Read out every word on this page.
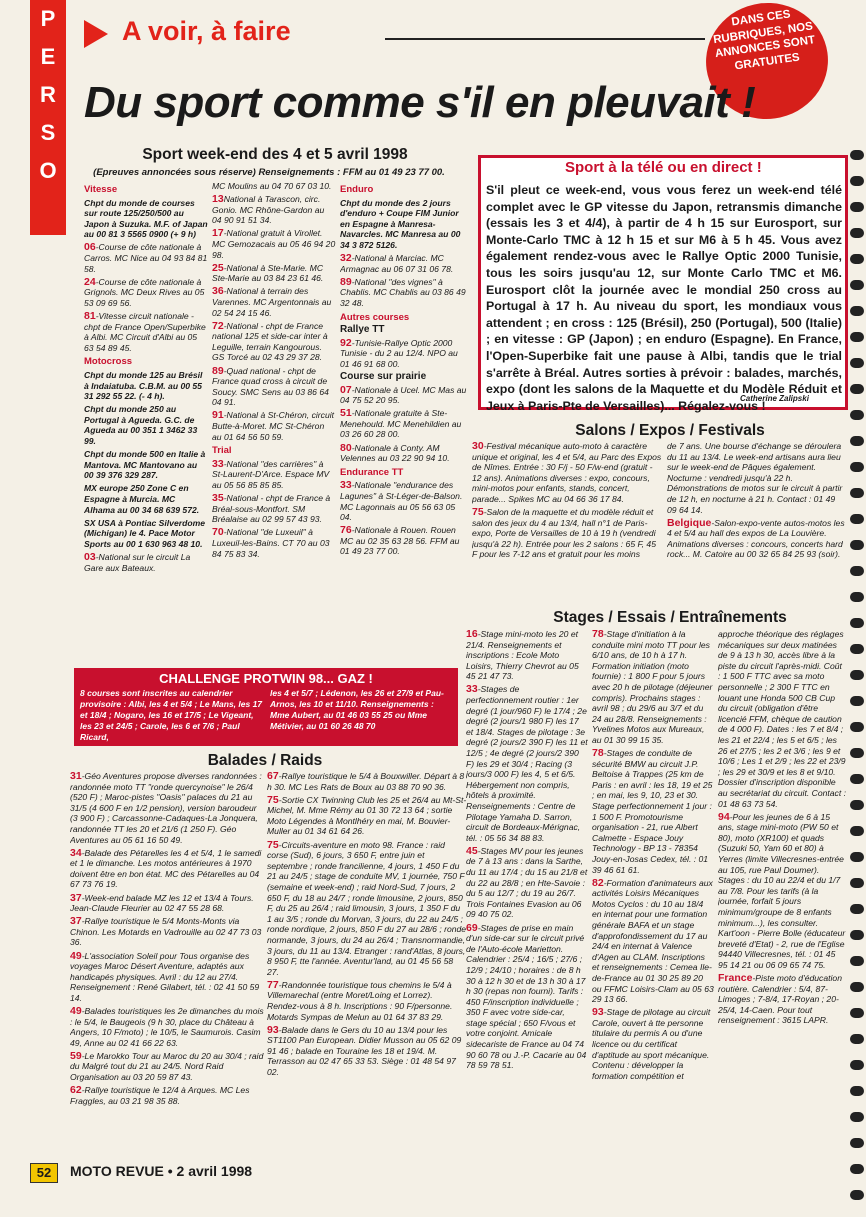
P
E
R
S
O
A voir, à faire	DANS CES RUBRIQUES, NOS ANNONCES SONT GRATUITES
Du sport comme s'il en pleuvait !
Sport week-end des 4 et 5 avril 1998
(Epreuves annoncées sous réserve) Renseignements : FFM au 01 49 23 77 00.
Vitesse

Chpt du monde de courses sur route 125/250/500 au Japon à Suzuka. M.F. of Japan au 00 81 3 5565 0900 (+ 9 h)

06-Course de côte nationale à Carros. MC Nice au 04 93 84 81 58.

24-Course de côte nationale à Grignols. MC Deux Rives au 05 53 09 69 56.

81-Vitesse circuit nationale - chpt de France Open/Superbike à Albi. MC Circuit d'Albi au 05 63 54 89 45.

Motocross

Chpt du monde 125 au Brésil à Indaiatuba. C.B.M. au 00 55 31 292 55 22. (- 4 h).

Chpt du monde 250 au Portugal à Agueda. G.C. de Agueda au 00 351 1 3462 33 99.

Chpt du monde 500 en Italie à Mantova. MC Mantovano au 00 39 376 329 287.

MX europe 250 Zone C en Espagne à Murcia. MC Alhama au 00 34 68 639 572.

SX USA à Pontiac Silverdome (Michigan) le 4. Pace Motor Sports au 00 1 630 963 48 10.

03-National sur le circuit La Gare aux Bateaux.

MC Moulins au 04 70 67 03 10.

13National à Tarascon, circ. Gonio. MC Rhône-Gardon au 04 90 91 51 34.

17-National gratuit à Virollet. MC Gemozacais au 05 46 94 20 98.

25-National à Ste-Marie. MC Ste-Marie au 03 84 23 61 46.

36-National à terrain des Varennes. MC Argentonnais au 02 54 24 15 46.

72-National - chpt de France national 125 et side-car inter à Leguille, terrain Kangourous. GS Torcé au 02 43 29 37 28.

89-Quad national - chpt de France quad cross à circuit de Soucy. SMC Sens au 03 86 64 04 91.

91-National à St-Chéron, circuit Butte-à-Moret. MC St-Chéron au 01 64 56 50 59.

Trial

33-National "des carrières" à St-Laurent-D'Arce. Espace MV au 05 56 85 85 85.

35-National - chpt de France à Bréal-sous-Montfort. SM Bréalaise au 02 99 57 43 93.

70-National "de Luxeuil" à Luxeuil-les-Bains. CT 70 au 03 84 75 83 34.

Enduro

Chpt du monde des 2 jours d'enduro + Coupe FIM Junior en Espagne à Manresa-Navarcles. MC Manresa au 00 34 3 872 5126.

32-National à Marciac. MC Armagnac au 06 07 31 06 78.

89-National "des vignes" à Chablis. MC Chablis au 03 86 49 32 48.

Autres courses
Rallye TT

92-Tunisie-Rallye Optic 2000 Tunisie - du 2 au 12/4. NPO au 01 46 91 68 00.

Course sur prairie

07-Nationale à Ucel. MC Mas au 04 75 52 20 95.

51-Nationale gratuite à Ste-Menehould. MC Menehildien au 03 26 60 28 00.

80-Nationale à Conty. AM Velennes au 03 22 90 94 10.

Endurance TT

33-Nationale "endurance des Lagunes" à St-Léger-de-Balson. MC Lagonnais au 05 56 63 05 04.

76-Nationale à Rouen. Rouen MC au 02 35 63 28 56. FFM au 01 49 23 77 00.

Sport à la télé ou en direct !
S'il pleut ce week-end, vous vous ferez un week-end télé complet avec le GP vitesse du Japon, retransmis dimanche (essais les 3 et 4/4), à partir de 4 h 15 sur Eurosport, sur Monte-Carlo TMC à 12 h 15 et sur M6 à 5 h 45. Vous avez également rendez-vous avec le Rallye Optic 2000 Tunisie, tous les soirs jusqu'au 12, sur Monte Carlo TMC et M6. Eurosport clôt la journée avec le mondial 250 cross au Portugal à 17 h. Au niveau du sport, les mondiaux vous attendent ; en cross : 125 (Brésil), 250 (Portugal), 500 (Italie) ; en vitesse : GP (Japon) ; en enduro (Espagne). En France, l'Open-Superbike fait une pause à Albi, tandis que le trial s'arrête à Bréal. Autres sorties à prévoir : balades, marchés, expo (dont les salons de la Maquette et du Modèle Réduit et Jeux à Paris-Pte de Versailles)... Régalez-vous !
Catherine Zalipski
Salons / Expos / Festivals

30-Festival mécanique auto-moto à caractère unique et original, les 4 et 5/4, au Parc des Expos de Nîmes. Entrée : 30 F/j - 50 F/w-end (gratuit - 12 ans). Animations diverses : expo, concours, mini-motos pour enfants, stands, concert, parade... Spikes MC au 04 66 36 17 84.

75-Salon de la maquette et du modèle réduit et salon des jeux du 4 au 13/4, hall n°1 de Paris-expo, Porte de Versailles de 10 à 19 h (vendredi jusqu'à 22 h). Entrée pour les 2 salons : 65 F, 45 F pour les 7-12 ans et gratuit pour les moins

de 7 ans. Une bourse d'échange se déroulera du 11 au 13/4. Le week-end artisans aura lieu sur le week-end de Pâques également. Nocturne : vendredi jusqu'à 22 h. Démonstrations de motos sur le circuit à partir de 12 h, en nocturne à 21 h. Contact : 01 49 09 64 14.

Belgique-Salon-expo-vente autos-motos les 4 et 5/4 au hall des expos de La Louvière. Animations diverses : concours, concerts hard rock... M. Catoire au 00 32 65 84 25 93 (soir).

CHALLENGE PROTWIN 98... GAZ !
8 courses sont inscrites au calendrier provisoire : Albi, les 4 et 5/4 ; Le Mans, les 17 et 18/4 ; Nogaro, les 16 et 17/5 ; Le Vigeant, les 23 et 24/5 ; Carole, les 6 et 7/6 ; Paul Ricard,
les 4 et 5/7 ; Lédenon, les 26 et 27/9 et Pau-Arnos, les 10 et 11/10. Renseignements : Mme Aubert, au 01 46 03 55 25 ou Mme Métivier, au 01 60 26 48 70
Balades / Raids

31-Géo Aventures propose diverses randonnées : randonnée moto TT "ronde quercynoise" le 26/4 (520 F) ; Maroc-pistes "Oasis" palaces du 21 au 31/5 (4 600 F en 1/2 pension), version baroudeur (3 900 F) ; Carcassonne-Cadaques-La Jonquera, randonnée TT les 20 et 21/6 (1 250 F). Géo Aventures au 05 61 16 50 49.

34-Balade des Pétarelles les 4 et 5/4, 1 le samedi et 1 le dimanche. Les motos antérieures à 1970 doivent être en bon état. MC des Pétarelles au 04 67 73 76 19.

37-Week-end balade MZ les 12 et 13/4 à Tours. Jean-Claude Fleurier au 02 47 55 28 68.

37-Rallye touristique le 5/4 Monts-Monts via Chinon. Les Motards en Vadrouille au 02 47 73 03 36.

49-L'association Soleil pour Tous organise des voyages Maroc Désert Aventure, adaptés aux handicapés physiques. Avril : du 12 au 27/4. Renseignement : René Gilabert, tél. : 02 41 50 59 14.

49-Balades touristiques les 2e dimanches du mois : le 5/4, le Baugeois (9 h 30, place du Château à Angers, 10 F/moto) ; le 10/5, le Saumurois. Casim 49, Anne au 02 41 66 22 63.

59-Le Marokko Tour au Maroc du 20 au 30/4 ; raid du Malgré tout du 21 au 24/5. Nord Raid Organisation au 03 20 59 87 43.

62-Rallye touristique le 12/4 à Arques. MC Les Fraggles, au 03 21 98 35 88.

67-Rallye touristique le 5/4 à Bouxwiller. Départ à 8 h 30. MC Les Rats de Boux au 03 88 70 90 36.

75-Sortie CX Twinning Club les 25 et 26/4 au Mt-St-Michel, M. Mme Rémy au 01 30 72 13 64 ; sortie Moto Légendes à Montlhéry en mai, M. Bouvier-Muller au 01 34 61 64 26.

75-Circuits-aventure en moto 98. France : raid corse (Sud), 6 jours, 3 650 F, entre juin et septembre ; ronde francilienne, 4 jours, 1 450 F du 21 au 24/5 ; stage de conduite MV, 1 journée, 750 F (semaine et week-end) ; raid Nord-Sud, 7 jours, 2 650 F, du 18 au 24/7 ; ronde limousine, 2 jours, 850 F, du 25 au 26/4 ; raid limousin, 3 jours, 1 350 F du 1 au 3/5 ; ronde du Morvan, 3 jours, du 22 au 24/5 ; ronde nordique, 2 jours, 850 F du 27 au 28/6 ; ronde normande, 3 jours, du 24 au 26/4 ; Transnormandie, 3 jours, du 11 au 13/4. Etranger : rand'Atlas, 8 jours, 8 950 F, tte l'année. Aventur'land, au 01 45 56 58 27.

77-Randonnée touristique tous chemins le 5/4 à Villemarechal (entre Moret/Loing et Lorrez). Rendez-vous à 8 h. Inscriptions : 90 F/personne. Motards Sympas de Melun au 01 64 37 83 29.

93-Balade dans le Gers du 10 au 13/4 pour les ST1100 Pan European. Didier Musson au 05 62 09 91 46 ; balade en Touraine les 18 et 19/4. M. Terrasson au 02 47 65 33 53. Siège : 01 48 54 97 02.

Stages / Essais / Entraînements

16-Stage mini-moto les 20 et 21/4. Renseignements et inscriptions : Ecole Moto Loisirs, Thierry Chevrot au 05 45 21 47 73.

33-Stages de perfectionnement routier : 1er degré (1 jour/960 F) le 17/4 ; 2e degré (2 jours/1 980 F) les 17 et 18/4. Stages de pilotage : 3e degré (2 jours/2 390 F) les 11 et 12/5 ; 4e degré (2 jours/2 390 F) les 29 et 30/4 ; Racing (3 jours/3 000 F) les 4, 5 et 6/5. Hébergement non compris, hôtels à proximité. Renseignements : Centre de Pilotage Yamaha D. Sarron, circuit de Bordeaux-Mérignac, tél. : 05 56 34 88 83.

45-Stages MV pour les jeunes de 7 à 13 ans : dans la Sarthe, du 11 au 17/4 ; du 15 au 21/8 et du 22 au 28/8 ; en Hte-Savoie : du 5 au 12/7 ; du 19 au 26/7. Trois Fontaines Evasion au 06 09 40 75 02.

69-Stages de prise en main d'un side-car sur le circuit privé de l'Auto-école Marietton. Calendrier : 25/4 ; 16/5 ; 27/6 ; 12/9 ; 24/10 ; horaires : de 8 h 30 à 12 h 30 et de 13 h 30 à 17 h 30 (repas non fourni). Tarifs : 450 F/inscription individuelle ; 350 F avec votre side-car, stage spécial ; 650 F/vous et votre conjoint. Amicale sidecariste de France au 04 74 90 60 78 ou J.-P. Cacarie au 04 78 59 78 51.

78-Stage d'initiation à la conduite mini moto TT pour les 6/10 ans, de 10 h à 17 h. Formation initiation (moto fournie) : 1 800 F pour 5 jours avec 20 h de pilotage (déjeuner compris). Prochains stages : avril 98 ; du 29/6 au 3/7 et du 24 au 28/8. Renseignements : Yvelines Motos aux Mureaux, au 01 30 99 15 35.

78-Stages de conduite de sécurité BMW au circuit J.P. Beltoise à Trappes (25 km de Paris : en avril : les 18, 19 et 25 ; en mai, les 9, 10, 23 et 30. Stage perfectionnement 1 jour : 1 500 F. Promotourisme organisation - 21, rue Albert Calmette - Espace Jouy Technology - BP 13 - 78354 Jouy-en-Josas Cedex, tél. : 01 39 46 61 61.

82-Formation d'animateurs aux activités Loisirs Mécaniques Motos Cyclos : du 10 au 18/4 en internat pour une formation générale BAFA et un stage d'approfondissement du 17 au 24/4 en internat à Valence d'Agen au CLAM. Inscriptions et renseignements : Cemea Ile-de-France au 01 30 25 89 20 ou FFMC Loisirs-Clam au 05 63 29 13 66.

93-Stage de pilotage au circuit Carole, ouvert à tte personne titulaire du permis A ou d'une licence ou du certificat d'aptitude au sport mécanique. Contenu : développer la formation compétition et

approche théorique des réglages mécaniques sur deux matinées de 9 à 13 h 30, accès libre à la piste du circuit l'après-midi. Coût : 1 500 F TTC avec sa moto personnelle ; 2 300 F TTC en louant une Honda 500 CB Cup du circuit (obligation d'être licencié FFM, chèque de caution de 4 000 F). Dates : les 7 et 8/4 ; les 21 et 22/4 ; les 5 et 6/5 ; les 26 et 27/5 ; les 2 et 3/6 ; les 9 et 10/6 ; Les 1 et 2/9 ; les 22 et 23/9 ; les 29 et 30/9 et les 8 et 9/10. Dossier d'inscription disponible au secrétariat du circuit. Contact : 01 48 63 73 54.

94-Pour les jeunes de 6 à 15 ans, stage mini-moto (PW 50 et 80), moto (XR100) et quads (Suzuki 50, Yam 60 et 80) à Yerres (limite Villecresnes-entrée au 105, rue Paul Doumer). Stages : du 10 au 22/4 et du 1/7 au 7/8. Pour les tarifs (à la journée, forfait 5 jours minimum/groupe de 8 enfants minimum...), les consulter. Kart'oon - Pierre Bolle (éducateur breveté d'Etat) - 2, rue de l'Eglise 94440 Villecresnes, tél. : 01 45 95 14 21 ou 06 09 65 74 75.

France-Piste moto d'éducation routière. Calendrier : 5/4, 87-Limoges ; 7-8/4, 17-Royan ; 20-25/4, 14-Caen. Pour tout renseignement : 3615 LAPR.

52	MOTO REVUE • 2 avril 1998
